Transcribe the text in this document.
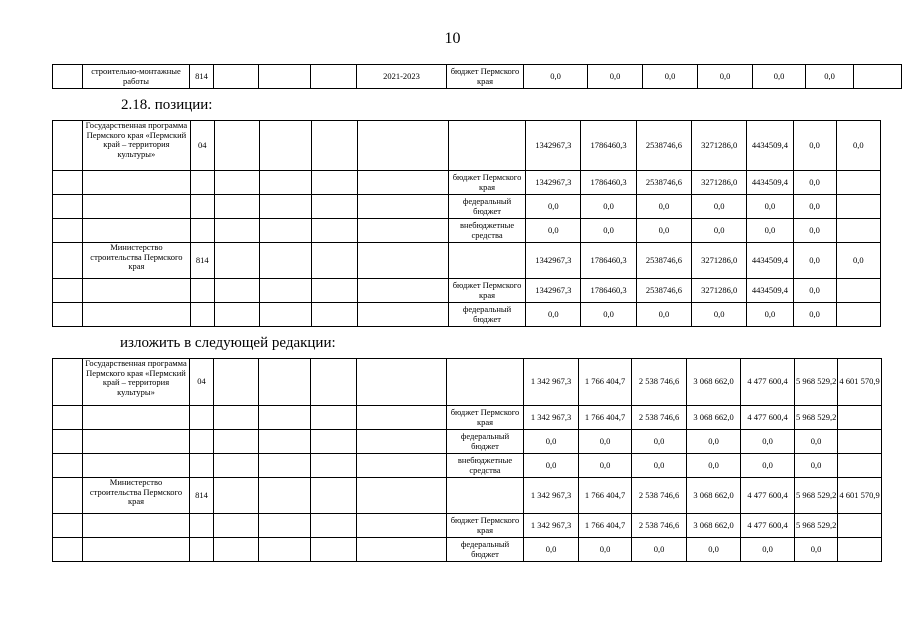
10
	строительно-монтажные работы	814				2021-2023	бюджет Пермского края	0,0	0,0	0,0	0,0	0,0	0,0	
2.18. позиции:
	Государственная программа Пермского края «Пермский край – территория культуры»	04						1342967,3	1786460,3	2538746,6	3271286,0	4434509,4	0,0	0,0
							бюджет Пермского края	1342967,3	1786460,3	2538746,6	3271286,0	4434509,4	0,0	
							федеральный бюджет	0,0	0,0	0,0	0,0	0,0	0,0	
							внебюджетные средства	0,0	0,0	0,0	0,0	0,0	0,0	
	Министерство строительства Пермского края	814						1342967,3	1786460,3	2538746,6	3271286,0	4434509,4	0,0	0,0
							бюджет Пермского края	1342967,3	1786460,3	2538746,6	3271286,0	4434509,4	0,0	
							федеральный бюджет	0,0	0,0	0,0	0,0	0,0	0,0	
изложить в следующей редакции:
	Государственная программа Пермского края «Пермский край – территория культуры»	04						1 342 967,3	1 766 404,7	2 538 746,6	3 068 662,0	4 477 600,4	5 968 529,2	4 601 570,9
							бюджет Пермского края	1 342 967,3	1 766 404,7	2 538 746,6	3 068 662,0	4 477 600,4	5 968 529,2	
							федеральный бюджет	0,0	0,0	0,0	0,0	0,0	0,0	
							внебюджетные средства	0,0	0,0	0,0	0,0	0,0	0,0	
	Министерство строительства Пермского края	814						1 342 967,3	1 766 404,7	2 538 746,6	3 068 662,0	4 477 600,4	5 968 529,2	4 601 570,9
							бюджет Пермского края	1 342 967,3	1 766 404,7	2 538 746,6	3 068 662,0	4 477 600,4	5 968 529,2	
							федеральный бюджет	0,0	0,0	0,0	0,0	0,0	0,0	
